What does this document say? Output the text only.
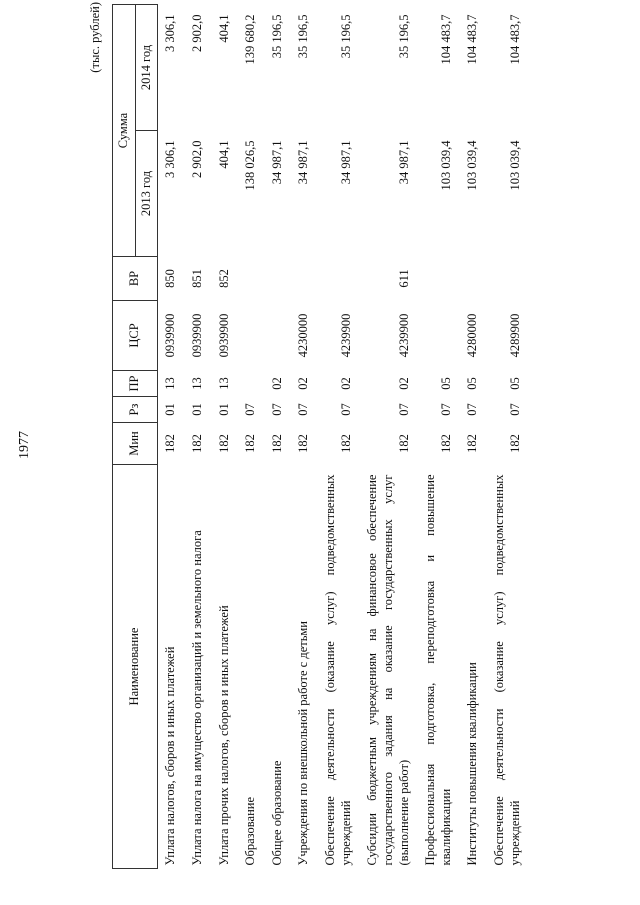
1977
(тыс. рублей)
Наименование	Мин	Рз	ПР	ЦСР	ВР	Сумма	
						2013 год	2014 год
Уплата налогов, сборов и иных платежей	182	01	13	0939900	850	3 306,1	3 306,1
Уплата налога на имущество организаций и земельного налога	182	01	13	0939900	851	2 902,0	2 902,0
Уплата прочих налогов, сборов и иных платежей	182	01	13	0939900	852	404,1	404,1
Образование	182	07				138 026,5	139 680,2
Общее образование	182	07	02			34 987,1	35 196,5
Учреждения по внешкольной работе с детьми	182	07	02	4230000		34 987,1	35 196,5
Обеспечение деятельности (оказание услуг) подведомственных учреждений	182	07	02	4239900		34 987,1	35 196,5
Субсидии бюджетным учреждениям на финансовое обеспечение государственного задания на оказание государственных услуг (выполнение работ)	182	07	02	4239900	611	34 987,1	35 196,5
Профессиональная подготовка, переподготовка и повышение квалификации	182	07	05			103 039,4	104 483,7
Институты повышения квалификации	182	07	05	4280000		103 039,4	104 483,7
Обеспечение деятельности (оказание услуг) подведомственных учреждений	182	07	05	4289900		103 039,4	104 483,7
